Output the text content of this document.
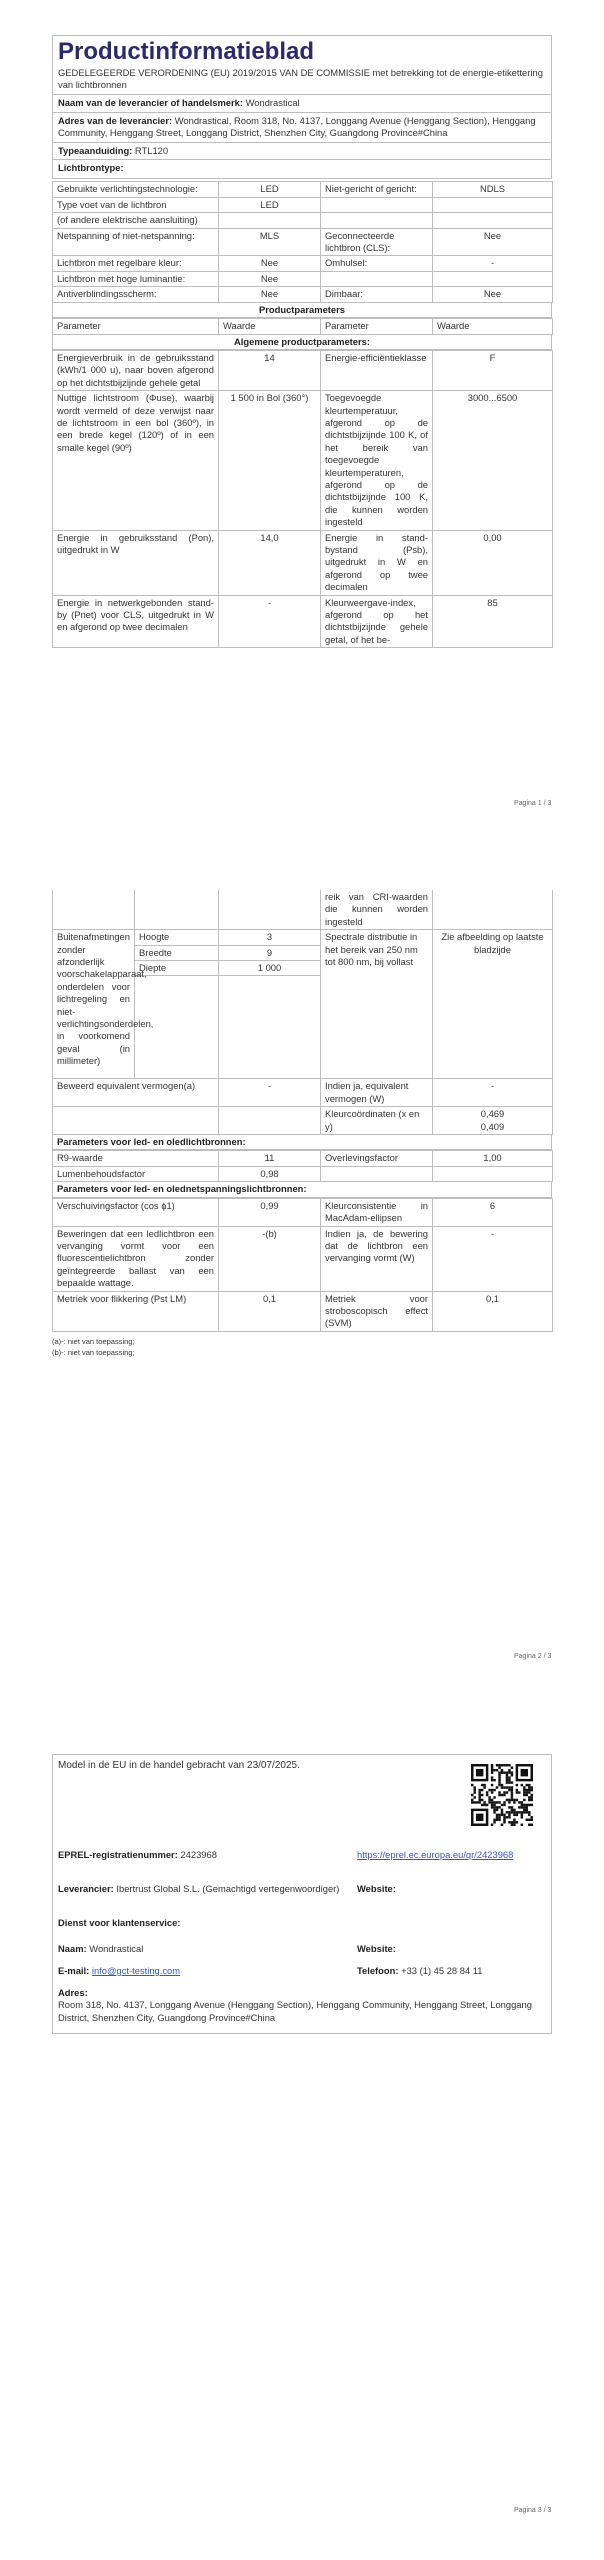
Productinformatieblad
GEDELEGEERDE VERORDENING (EU) 2019/2015 VAN DE COMMISSIE met betrekking tot de energie-etikettering van lichtbronnen
Naam van de leverancier of handelsmerk: Wondrastical
Adres van de leverancier: Wondrastical, Room 318, No. 4137, Longgang Avenue (Henggang Section), Henggang Community, Henggang Street, Longgang District, Shenzhen City, Guangdong Province#China
Typeaanduiding: RTL120
Lichtbrontype:
Gebruikte verlichtingstechnologie:	LED	Niet-gericht of gericht:	NDLS
Type voet van de lichtbron	LED		
(of andere elektrische aansluiting)			
Netspanning of niet-netspanning:	MLS	Geconnecteerde lichtbron (CLS):	Nee
Lichtbron met regelbare kleur:	Nee	Omhulsel:	-
Lichtbron met hoge luminantie:	Nee		
Antiverblindingsscherm:	Nee	Dimbaar:	Nee
Productparameters
Parameter	Waarde	Parameter	Waarde
Algemene productparameters:
Energieverbruik in de gebruiksstand (kWh/1 000 u), naar boven afgerond op het dichtstbijzijnde gehele getal	14	Energie-efficiëntieklasse	F
Nuttige lichtstroom (Φuse), waarbij wordt vermeld of deze verwijst naar de lichtstroom in een bol (360º), in een brede kegel (120º) of in een smalle kegel (90º)	1 500 in Bol (360°)	Toegevoegde kleurtemperatuur, afgerond op de dichtstbijzijnde 100 K, of het bereik van toegevoegde kleurtemperaturen, afgerond op de dichtstbijzijnde 100 K, die kunnen worden ingesteld	3000...6500
Energie in gebruiksstand (Pon), uitgedrukt in W	14,0	Energie in stand-bystand (Psb), uitgedrukt in W en afgerond op twee decimalen	0,00
Energie in netwerkgebonden stand-by (Pnet) voor CLS, uitgedrukt in W en afgerond op twee decimalen	-	Kleurweergave-index, afgerond op het dichtstbijzijnde gehele getal, of het be-	85
Pagina 1 / 3
			reik van CRI-waarden die kunnen worden ingesteld	
Buitenafmetingen zonder afzonderlijk voorschakelapparaat, onderdelen voor lichtregeling en niet-verlichtingsonderdelen, in voorkomend geval (in millimeter)	Hoogte	3	Spectrale distributie in het bereik van 250 nm tot 800 nm, bij vollast	Zie afbeelding op laatste bladzijde
	Breedte	9		
	Diepte	1 000		

Beweerd equivalent vermogen(a)	-	Indien ja, equivalent vermogen (W)	-
		Kleurcoördinaten (x en y)	0,469
0,409
Parameters voor led- en oledlichtbronnen:
R9-waarde	11	Overlevingsfactor	1,00
Lumenbehoudsfactor	0,98		
Parameters voor led- en olednetspanningslichtbronnen:
Verschuivingsfactor (cos ϕ1)	0,99	Kleurconsistentie in MacAdam-ellipsen	6
Beweringen dat een ledlichtbron een vervanging vormt voor een fluorescentielichtbron zonder geïntegreerde ballast van een bepaalde wattage.	-(b)	Indien ja, de bewering dat de lichtbron een vervanging vormt (W)	-
Metriek voor flikkering (Pst LM)	0,1	Metriek voor stroboscopisch effect (SVM)	0,1
(a)-: niet van toepassing;
(b)-: niet van toepassing;
Pagina 2 / 3
Model in de EU in de handel gebracht van 23/07/2025.
EPREL-registratienummer: 2423968	https://eprel.ec.europa.eu/qr/2423968
Leverancier: Ibertrust Global S.L. (Gemachtigd vertegenwoordiger)	Website:
Dienst voor klantenservice:
Naam: Wondrastical	Website:
E-mail: info@gct-testing.com	Telefoon: +33 (1) 45 28 84 11
Adres:
Room 318, No. 4137, Longgang Avenue (Henggang Section), Henggang Community, Henggang Street, Longgang District, Shenzhen City, Guangdong Province#China
Pagina 3 / 3
